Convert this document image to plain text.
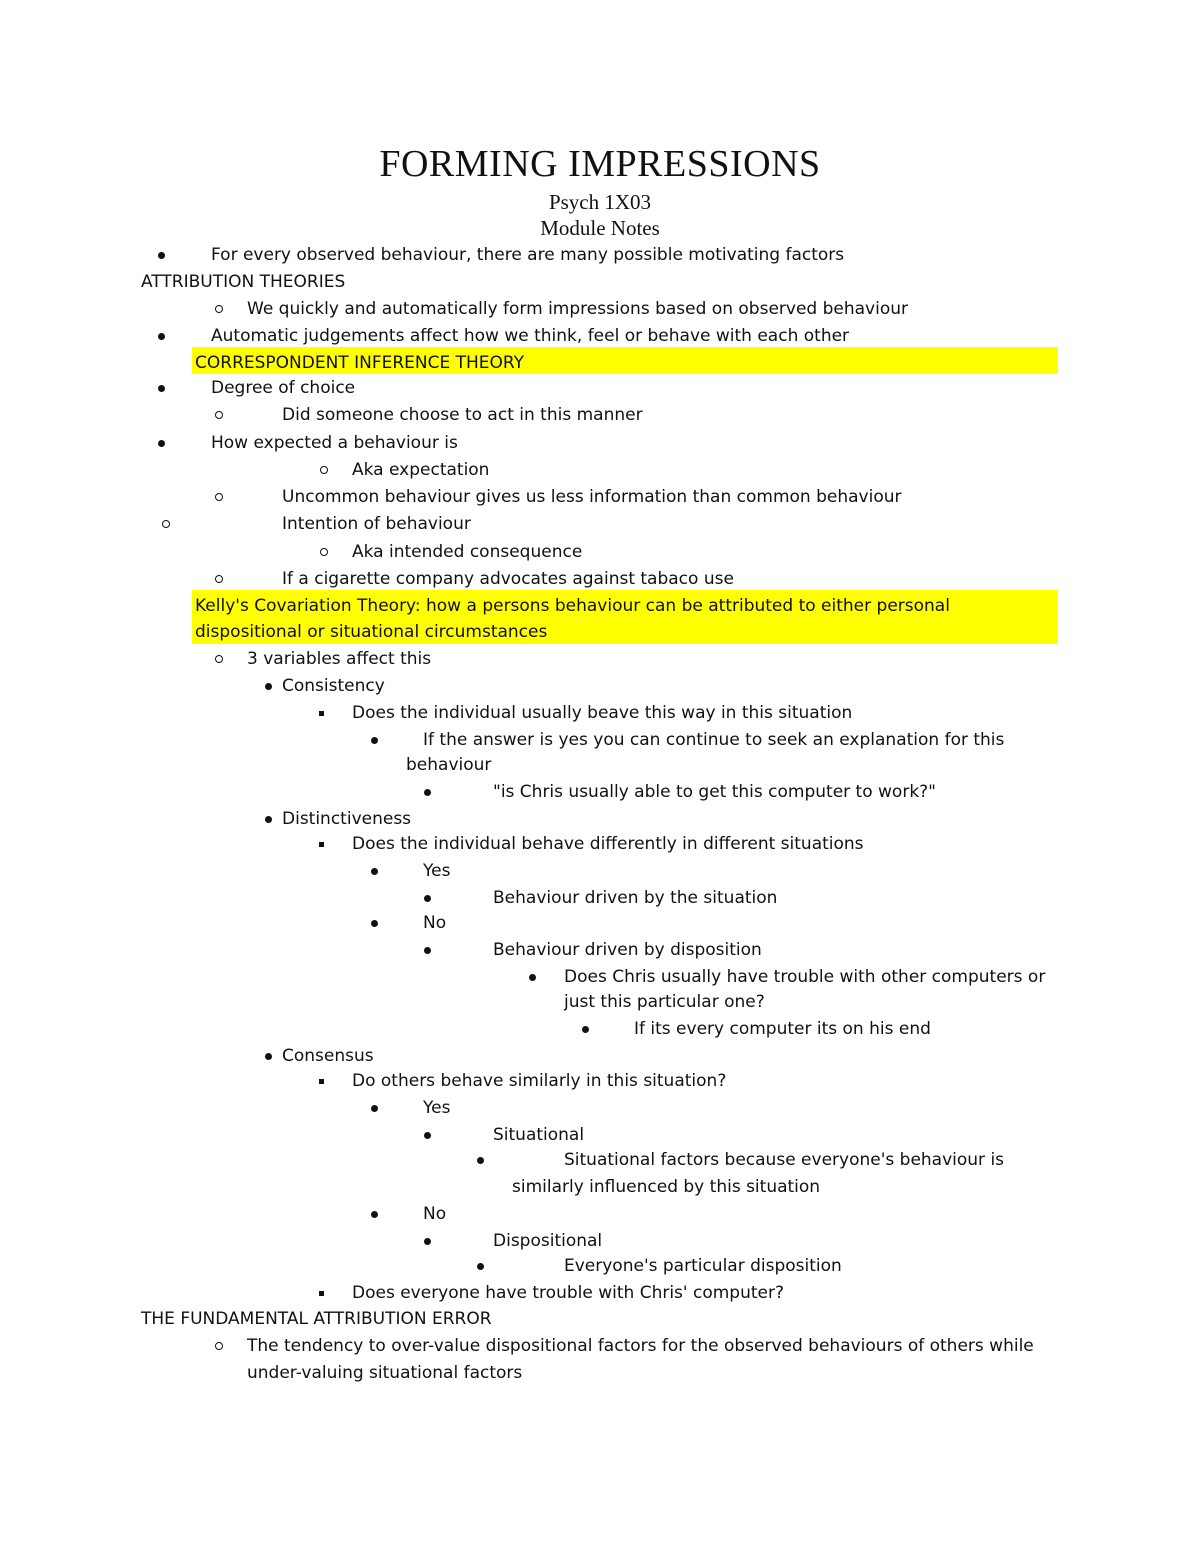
FORMING IMPRESSIONS
Psych 1X03
Module Notes
For every observed behaviour, there are many possible motivating factors
ATTRIBUTION THEORIES
We quickly and automatically form impressions based on observed behaviour
Automatic judgements affect how we think, feel or behave with each other
CORRESPONDENT INFERENCE THEORY
Degree of choice
Did someone choose to act in this manner
How expected a behaviour is
Aka expectation
Uncommon behaviour gives us less information than common behaviour
Intention of behaviour
Aka intended consequence
If a cigarette company advocates against tabaco use
Kelly's Covariation Theory: how a persons behaviour can be attributed to either personal
dispositional or situational circumstances
3 variables affect this
Consistency
Does the individual usually beave this way in this situation
If the answer is yes you can continue to seek an explanation for this
behaviour
"is Chris usually able to get this computer to work?"
Distinctiveness
Does the individual behave differently in different situations
Yes
Behaviour driven by the situation
No
Behaviour driven by disposition
Does Chris usually have trouble with other computers or
just this particular one?
If its every computer its on his end
Consensus
Do others behave similarly in this situation?
Yes
Situational
Situational factors because everyone's behaviour is
similarly influenced by this situation
No
Dispositional
Everyone's particular disposition
Does everyone have trouble with Chris' computer?
THE FUNDAMENTAL ATTRIBUTION ERROR
The tendency to over-value dispositional factors for the observed behaviours of others while
under-valuing situational factors
